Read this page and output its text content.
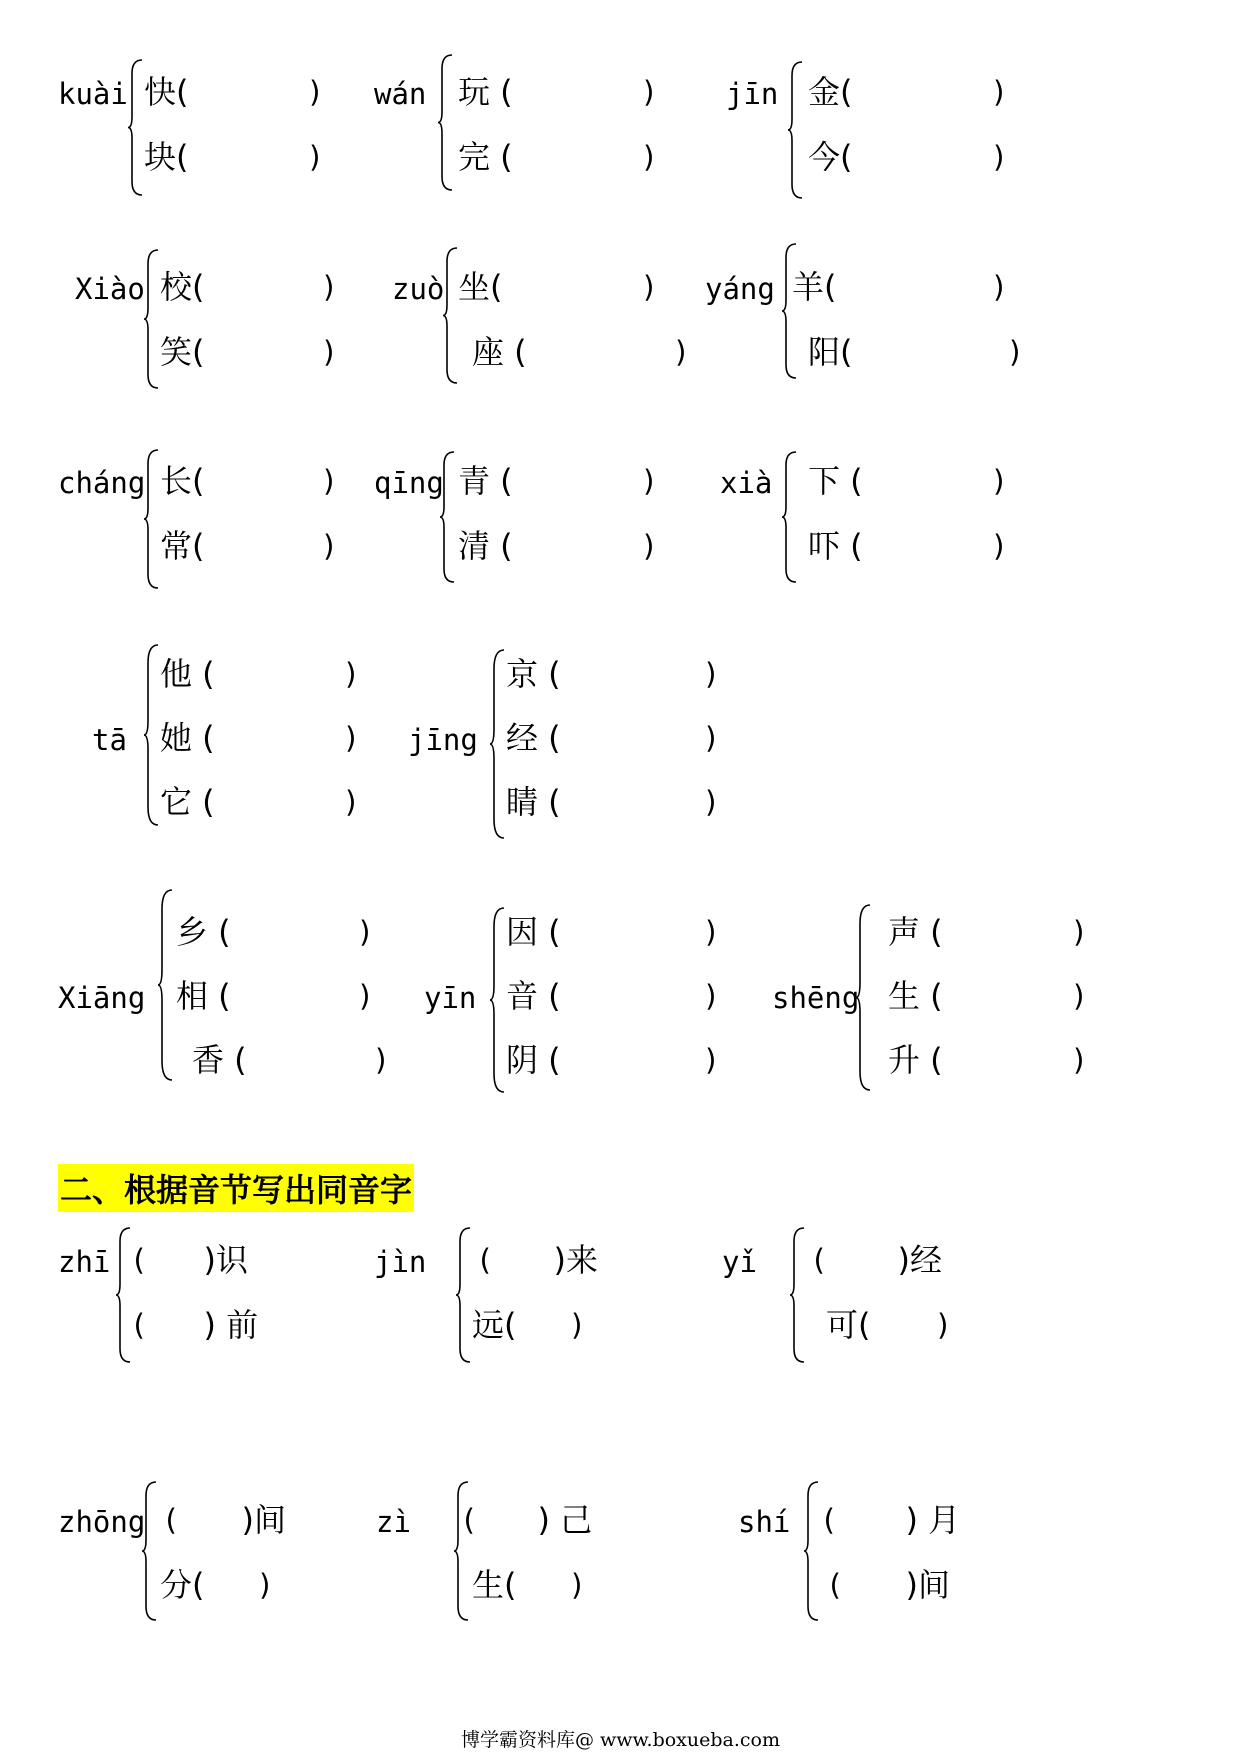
kuài 快(	)
块(	)
wán 玩 (	)
完 (	)
jīn 金(	)
今(	)
Xiào 校(	)
笑(	)
zuò 坐(	)
座 (	)
yáng 羊(	)
阳(	)
cháng 长(	)
常(	)
qīng 青 (	)
清 (	)
xià 下 (	)
吓 (	)
tā
他 (	)
她 (	)
它 (	)
jīng
京 (	)
经 (	)
睛 (	)
Xiāng
乡 (	)
相 (	)
香 (	)
yīn
因 (	)
音 (	)
阴 (	)
shēng
声 (	)
生 (	)
升 (	)
二、根据音节写出同音字
zhī ( )识
( ) 前
jìn ( )来
远( )
yǐ ( )经
可( )
zhōng ( )间
分( )
zì ( ) 己
生( )
shí ( ) 月
( )间
博学霸资料库@ www.boxueba.com
